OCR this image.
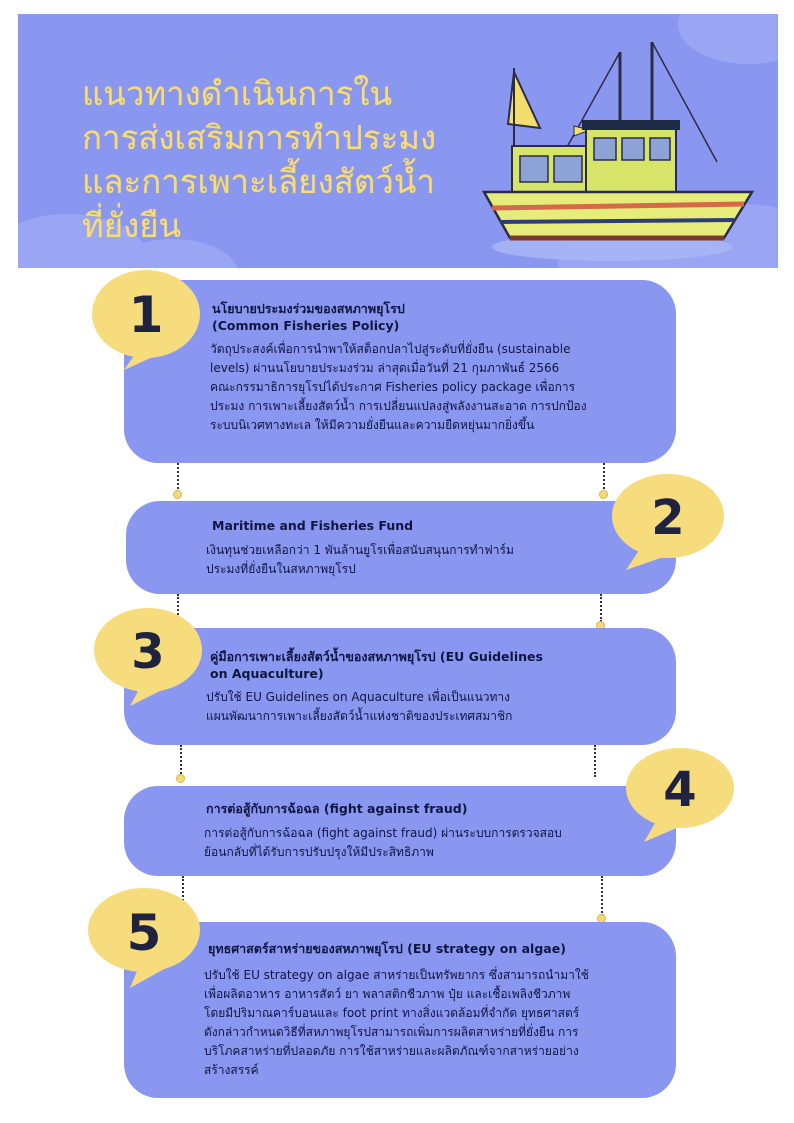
แนวทางดำเนินการใน
การส่งเสริมการทำประมง
และการเพาะเลี้ยงสัตว์น้ำ
ที่ยั่งยืน
นโยบายประมงร่วมของสหภาพยุโรป
(Common Fisheries Policy)
วัตถุประสงค์เพื่อการนำพาให้สต็อกปลาไปสู่ระดับที่ยั่งยืน (sustainable
levels) ผ่านนโยบายประมงร่วม ล่าสุดเมื่อวันที่ 21 กุมภาพันธ์ 2566
คณะกรรมาธิการยุโรปได้ประกาศ Fisheries policy package เพื่อการ
ประมง การเพาะเลี้ยงสัตว์น้ำ การเปลี่ยนแปลงสู่พลังงานสะอาด การปกป้อง
ระบบนิเวศทางทะเล ให้มีความยั่งยืนและความยืดหยุ่นมากยิ่งขึ้น
1
Maritime and Fisheries Fund
เงินทุนช่วยเหลือกว่า 1 พันล้านยูโรเพื่อสนับสนุนการทำฟาร์ม
ประมงที่ยั่งยืนในสหภาพยุโรป
2
คู่มือการเพาะเลี้ยงสัตว์น้ำของสหภาพยุโรป (EU Guidelines
on Aquaculture)
ปรับใช้ EU Guidelines on Aquaculture เพื่อเป็นแนวทาง
แผนพัฒนาการเพาะเลี้ยงสัตว์น้ำแห่งชาติของประเทศสมาชิก
3
การต่อสู้กับการฉ้อฉล (fight against fraud)
การต่อสู้กับการฉ้อฉล (fight against fraud) ผ่านระบบการตรวจสอบ
ย้อนกลับที่ได้รับการปรับปรุงให้มีประสิทธิภาพ
4
ยุทธศาสตร์สาหร่ายของสหภาพยุโรป (EU strategy on algae)
ปรับใช้ EU strategy on algae สาหร่ายเป็นทรัพยากร ซึ่งสามารถนำมาใช้
เพื่อผลิตอาหาร อาหารสัตว์ ยา พลาสติกชีวภาพ ปุ๋ย และเชื้อเพลิงชีวภาพ
โดยมีปริมาณคาร์บอนและ foot print ทางสิ่งแวดล้อมที่จำกัด ยุทธศาสตร์
ดังกล่าวกำหนดวิธีที่สหภาพยุโรปสามารถเพิ่มการผลิตสาหร่ายที่ยั่งยืน การ
บริโภคสาหร่ายที่ปลอดภัย การใช้สาหร่ายและผลิตภัณฑ์จากสาหร่ายอย่าง
สร้างสรรค์
5
